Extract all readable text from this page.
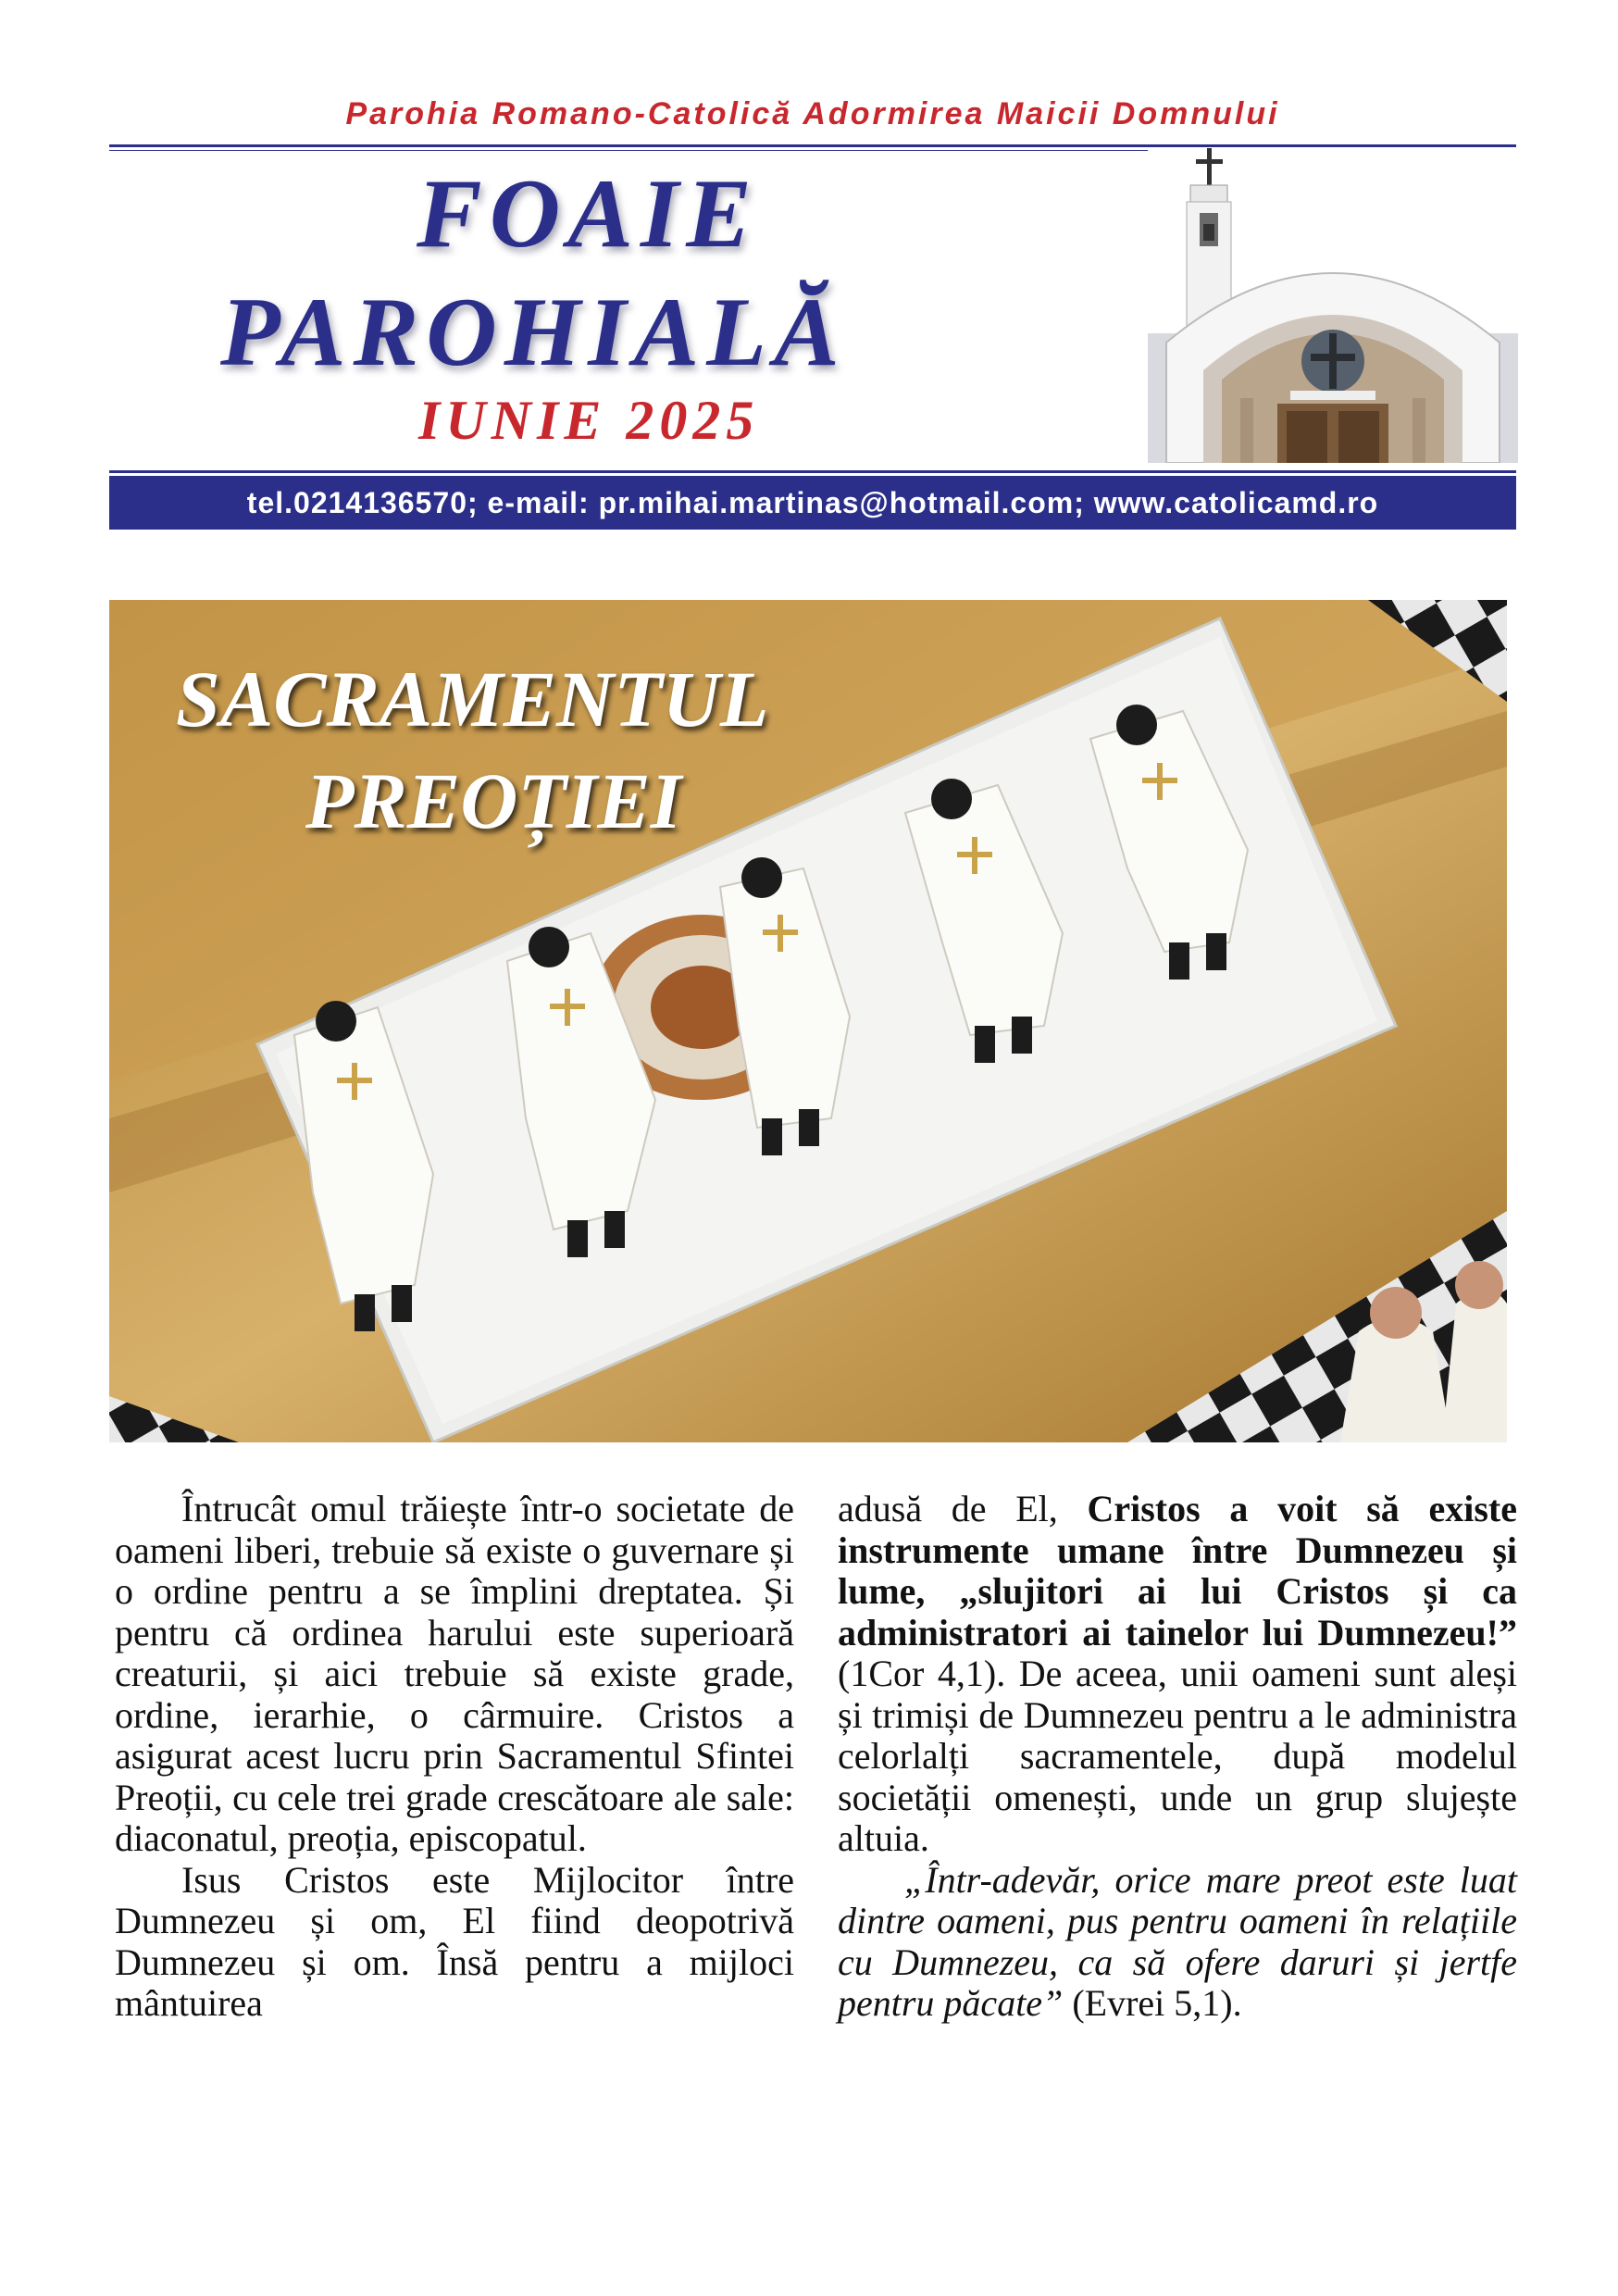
Parohia Romano-Catolică Adormirea Maicii Domnului
FOAIE
PAROHIALĂ
IUNIE 2025
tel.0214136570; e-mail: pr.mihai.martinas@hotmail.com; www.catolicamd.ro
SACRAMENTUL
PREOȚIEI

Întrucât omul trăiește într-o societate de oameni liberi, trebuie să existe o guvernare și o ordine pentru a se împlini dreptatea. Și pentru că ordinea harului este superioară creaturii, și aici trebuie să existe grade, ordine, ierarhie, o cârmuire. Cristos a asigurat acest lucru prin Sacramentul Sfintei Preoții, cu cele trei grade crescătoare ale sale: diaconatul, preoția, episcopatul.

Isus Cristos este Mijlocitor între Dumnezeu și om, El fiind deopotrivă Dumnezeu și om. Însă pentru a mijloci mântuirea

adusă de El, Cristos a voit să existe instrumente umane între Dumnezeu și lume, „slujitori ai lui Cristos și ca administratori ai tainelor lui Dumnezeu!” (1Cor 4,1). De aceea, unii oameni sunt aleși și trimiși de Dumnezeu pentru a le administra celorlalți sacramentele, după modelul societății omenești, unde un grup slujește altuia.

„Într-adevăr, orice mare preot este luat dintre oameni, pus pentru oameni în relațiile cu Dumnezeu, ca să ofere daruri și jertfe pentru păcate” (Evrei 5,1).
